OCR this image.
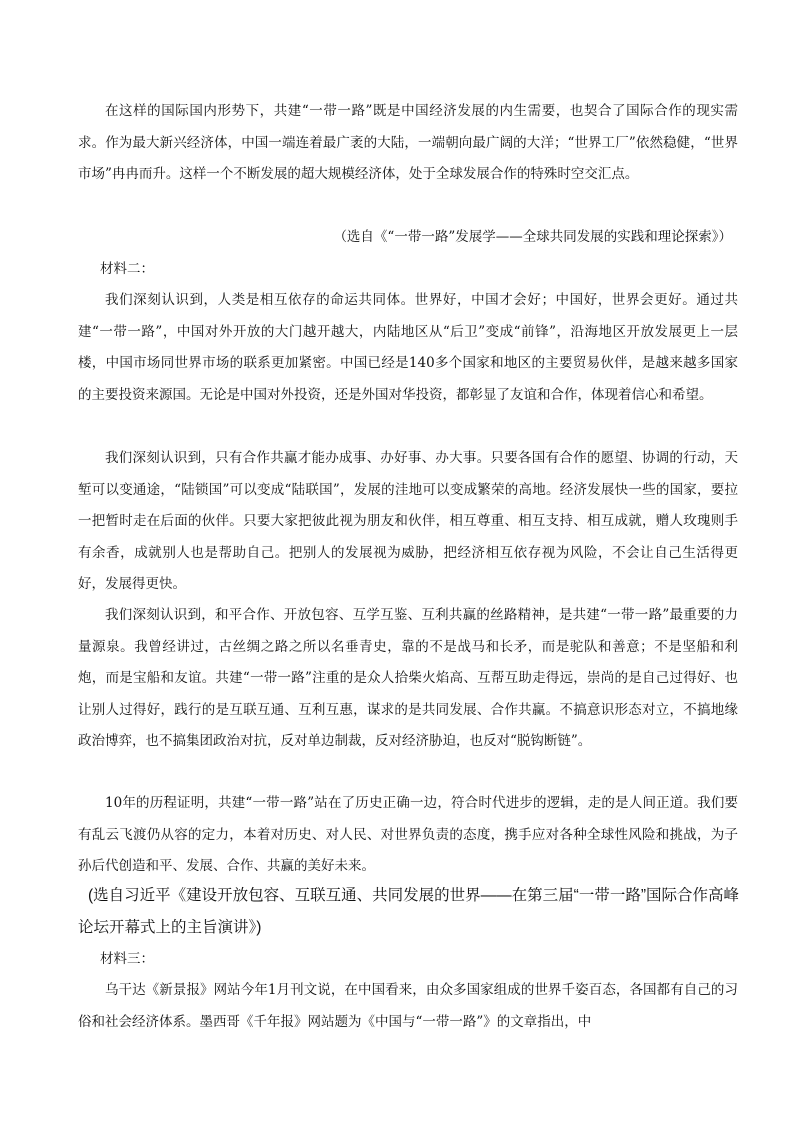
在这样的国际国内形势下，共建“一带一路”既是中国经济发展的内生需要，也契合了国际合作的现实需求。作为最大新兴经济体，中国一端连着最广袤的大陆，一端朝向最广阔的大洋；“世界工厂”依然稳健，“世界市场”冉冉而升。这样一个不断发展的超大规模经济体，处于全球发展合作的特殊时空交汇点。

（选自《“一带一路”发展学——全球共同发展的实践和理论探索》）

材料二：

我们深刻认识到，人类是相互依存的命运共同体。世界好，中国才会好；中国好，世界会更好。通过共建“一带一路”，中国对外开放的大门越开越大，内陆地区从“后卫”变成“前锋”，沿海地区开放发展更上一层楼，中国市场同世界市场的联系更加紧密。中国已经是140多个国家和地区的主要贸易伙伴，是越来越多国家的主要投资来源国。无论是中国对外投资，还是外国对华投资，都彰显了友谊和合作，体现着信心和希望。

我们深刻认识到，只有合作共赢才能办成事、办好事、办大事。只要各国有合作的愿望、协调的行动，天堑可以变通途，“陆锁国”可以变成“陆联国”，发展的洼地可以变成繁荣的高地。经济发展快一些的国家，要拉一把暂时走在后面的伙伴。只要大家把彼此视为朋友和伙伴，相互尊重、相互支持、相互成就，赠人玫瑰则手有余香，成就别人也是帮助自己。把别人的发展视为威胁，把经济相互依存视为风险，不会让自己生活得更好，发展得更快。

我们深刻认识到，和平合作、开放包容、互学互鉴、互利共赢的丝路精神，是共建“一带一路”最重要的力量源泉。我曾经讲过，古丝绸之路之所以名垂青史，靠的不是战马和长矛，而是驼队和善意；不是坚船和利炮，而是宝船和友谊。共建“一带一路”注重的是众人拾柴火焰高、互帮互助走得远，崇尚的是自己过得好、也让别人过得好，践行的是互联互通、互利互惠，谋求的是共同发展、合作共赢。不搞意识形态对立，不搞地缘政治博弈，也不搞集团政治对抗，反对单边制裁，反对经济胁迫，也反对“脱钩断链”。

10年的历程证明，共建“一带一路”站在了历史正确一边，符合时代进步的逻辑，走的是人间正道。我们要有乱云飞渡仍从容的定力，本着对历史、对人民、对世界负责的态度，携手应对各种全球性风险和挑战，为子孙后代创造和平、发展、合作、共赢的美好未来。

(选自习近平《建设开放包容、互联互通、共同发展的世界——在第三届“一带一路”国际合作高峰论坛开幕式上的主旨演讲》)

材料三：

乌干达《新景报》网站今年1月刊文说，在中国看来，由众多国家组成的世界千姿百态，各国都有自己的习俗和社会经济体系。墨西哥《千年报》网站题为《中国与“一带一路”》的文章指出，中
